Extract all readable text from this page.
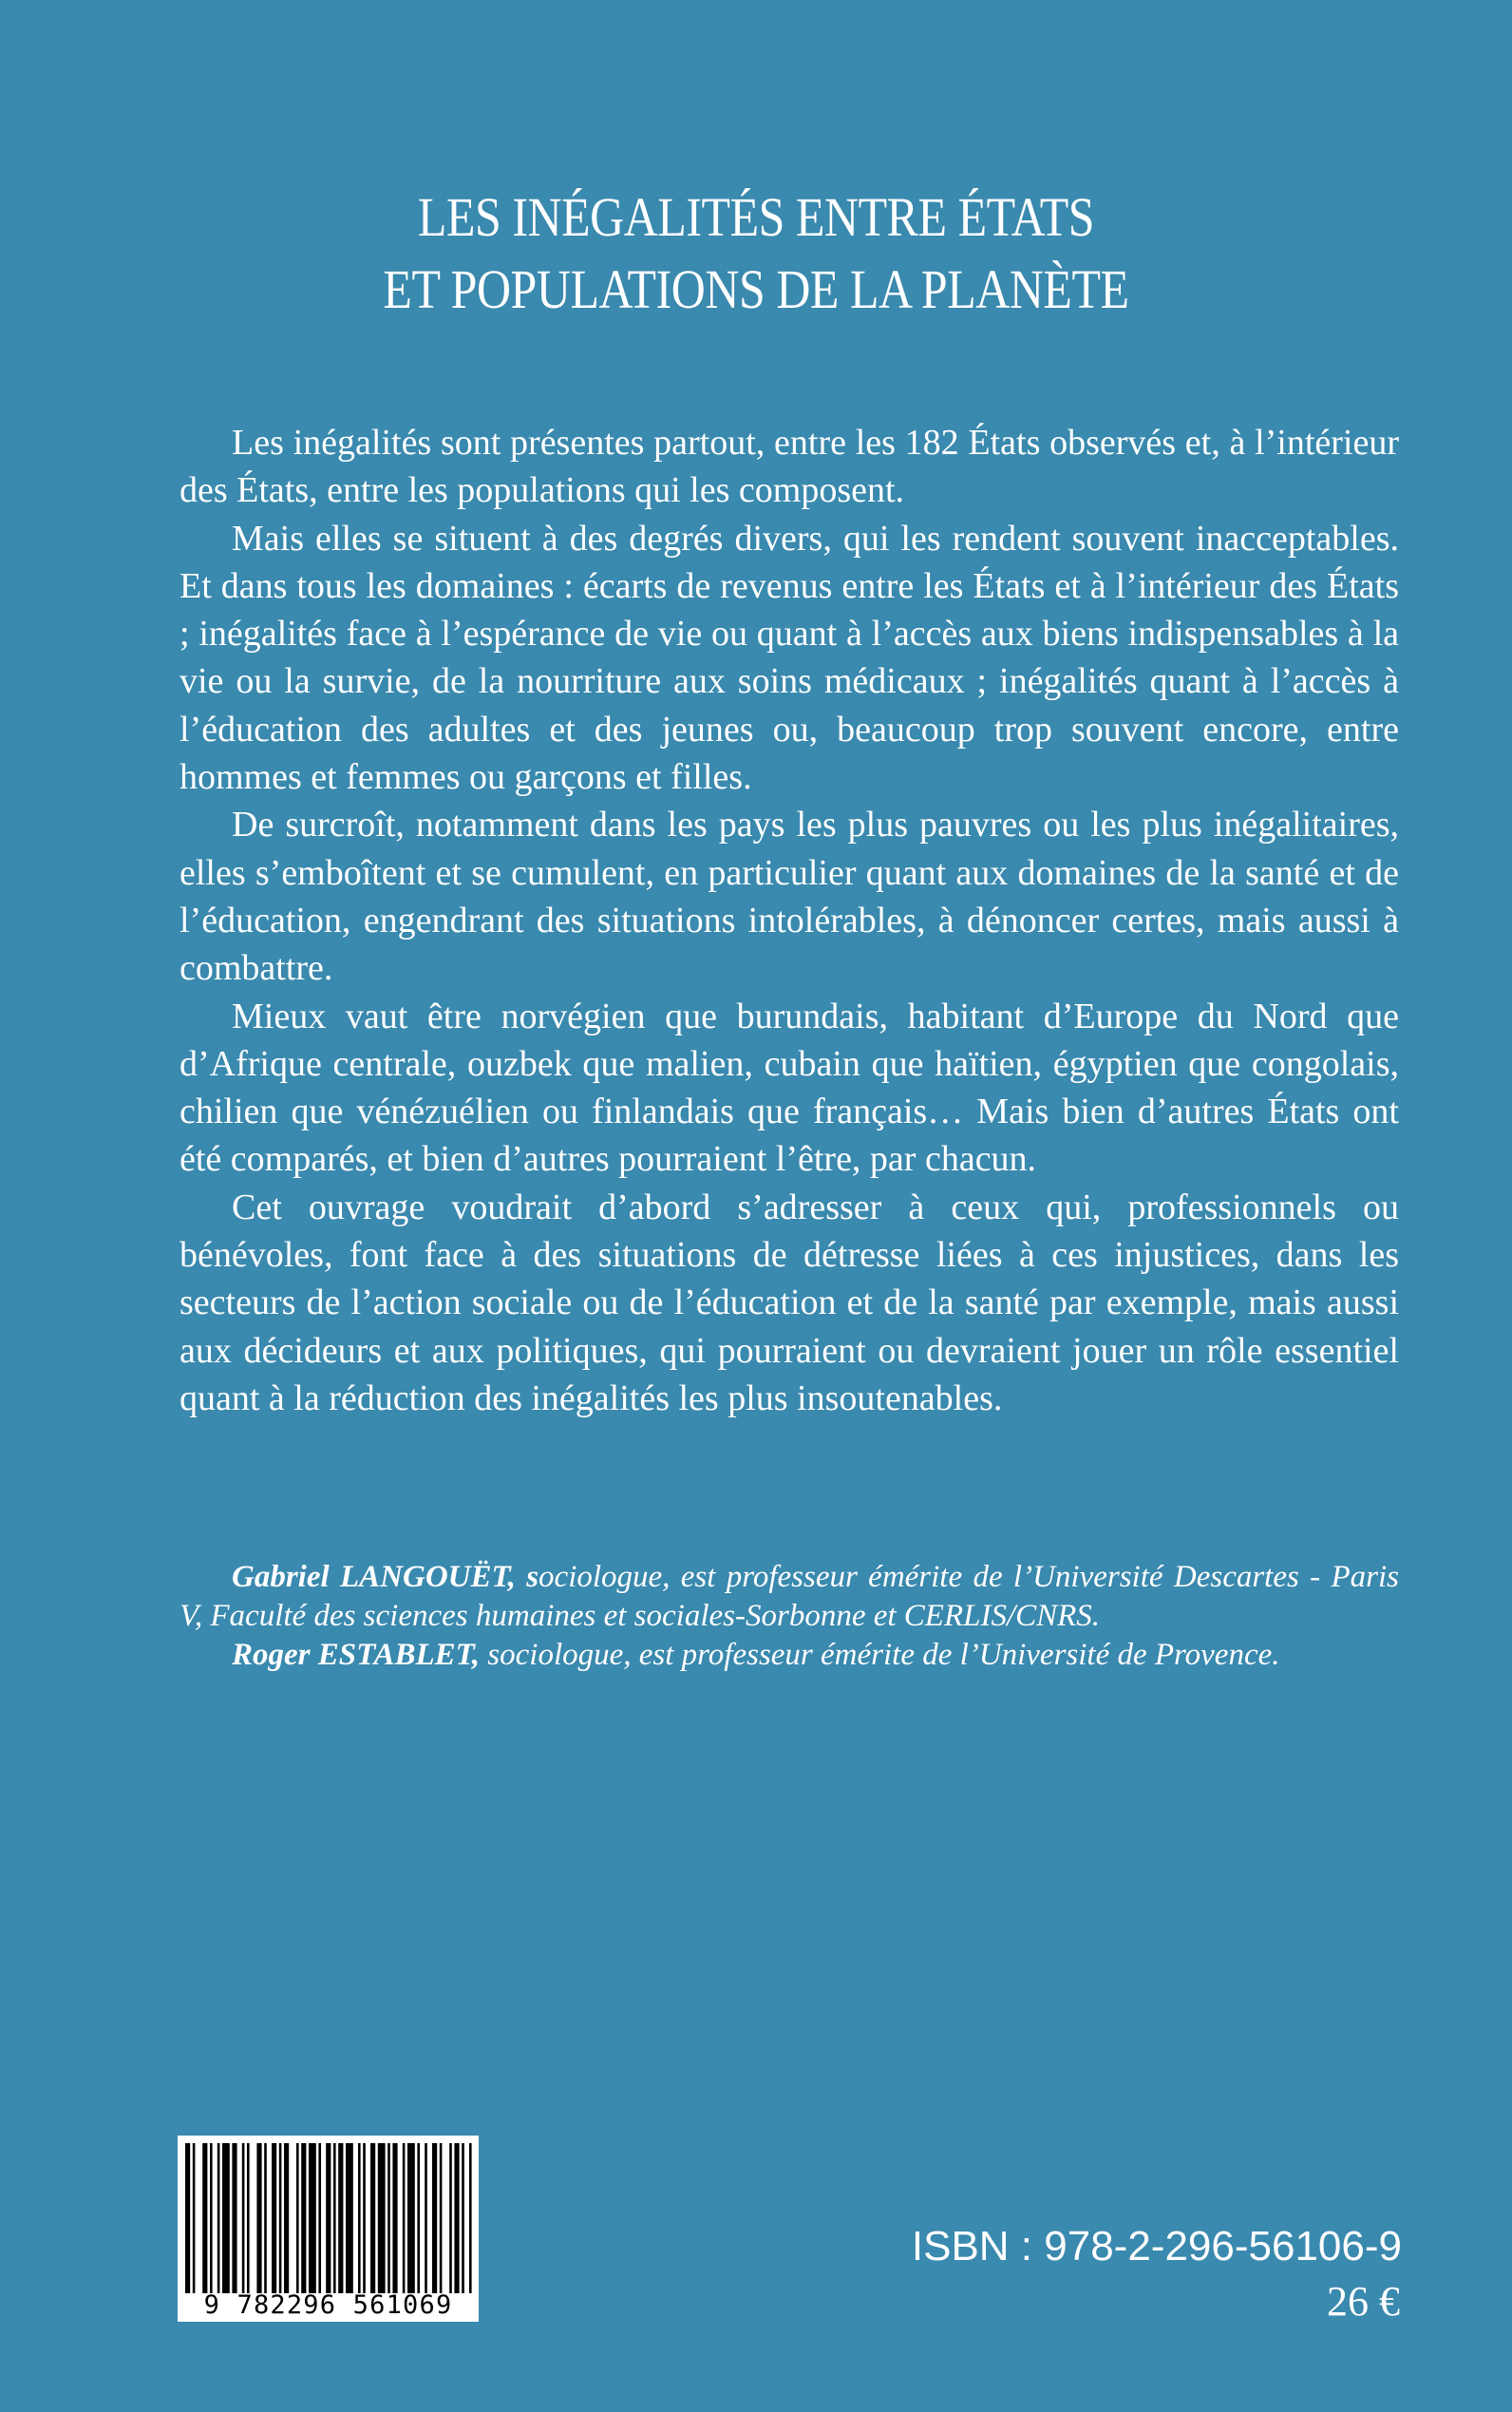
LES INÉGALITÉS ENTRE ÉTATS
ET POPULATIONS DE LA PLANÈTE

Les inégalités sont présentes partout, entre les 182 États observés et, à l’intérieur des États, entre les populations qui les composent.

Mais elles se situent à des degrés divers, qui les rendent souvent inacceptables. Et dans tous les domaines : écarts de revenus entre les États et à l’intérieur des États ; inégalités face à l’espérance de vie ou quant à l’accès aux biens indispensables à la vie ou la survie, de la nourriture aux soins médicaux ; inégalités quant à l’accès à l’éducation des adultes et des jeunes ou, beaucoup trop souvent encore, entre hommes et femmes ou garçons et filles.

De surcroît, notamment dans les pays les plus pauvres ou les plus inégalitaires, elles s’emboîtent et se cumulent, en particulier quant aux domaines de la santé et de l’éducation, engendrant des situations intolérables, à dénoncer certes, mais aussi à combattre.

Mieux vaut être norvégien que burundais, habitant d’Europe du Nord que d’Afrique centrale, ouzbek que malien, cubain que haïtien, égyptien que congolais, chilien que vénézuélien ou finlandais que français… Mais bien d’autres États ont été comparés, et bien d’autres pourraient l’être, par chacun.

Cet ouvrage voudrait d’abord s’adresser à ceux qui, professionnels ou bénévoles, font face à des situations de détresse liées à ces injustices, dans les secteurs de l’action sociale ou de l’éducation et de la santé par exemple, mais aussi aux décideurs et aux politiques, qui pourraient ou devraient jouer un rôle essentiel quant à la réduction des inégalités les plus insoutenables.

Gabriel LANGOUËT, sociologue, est professeur émérite de l’Université Descartes - Paris V, Faculté des sciences humaines et sociales-Sorbonne et CERLIS/CNRS.

Roger ESTABLET, sociologue, est professeur émérite de l’Université de Provence.

9 782296 561069
ISBN : 978-2-296-56106-9
26 €
